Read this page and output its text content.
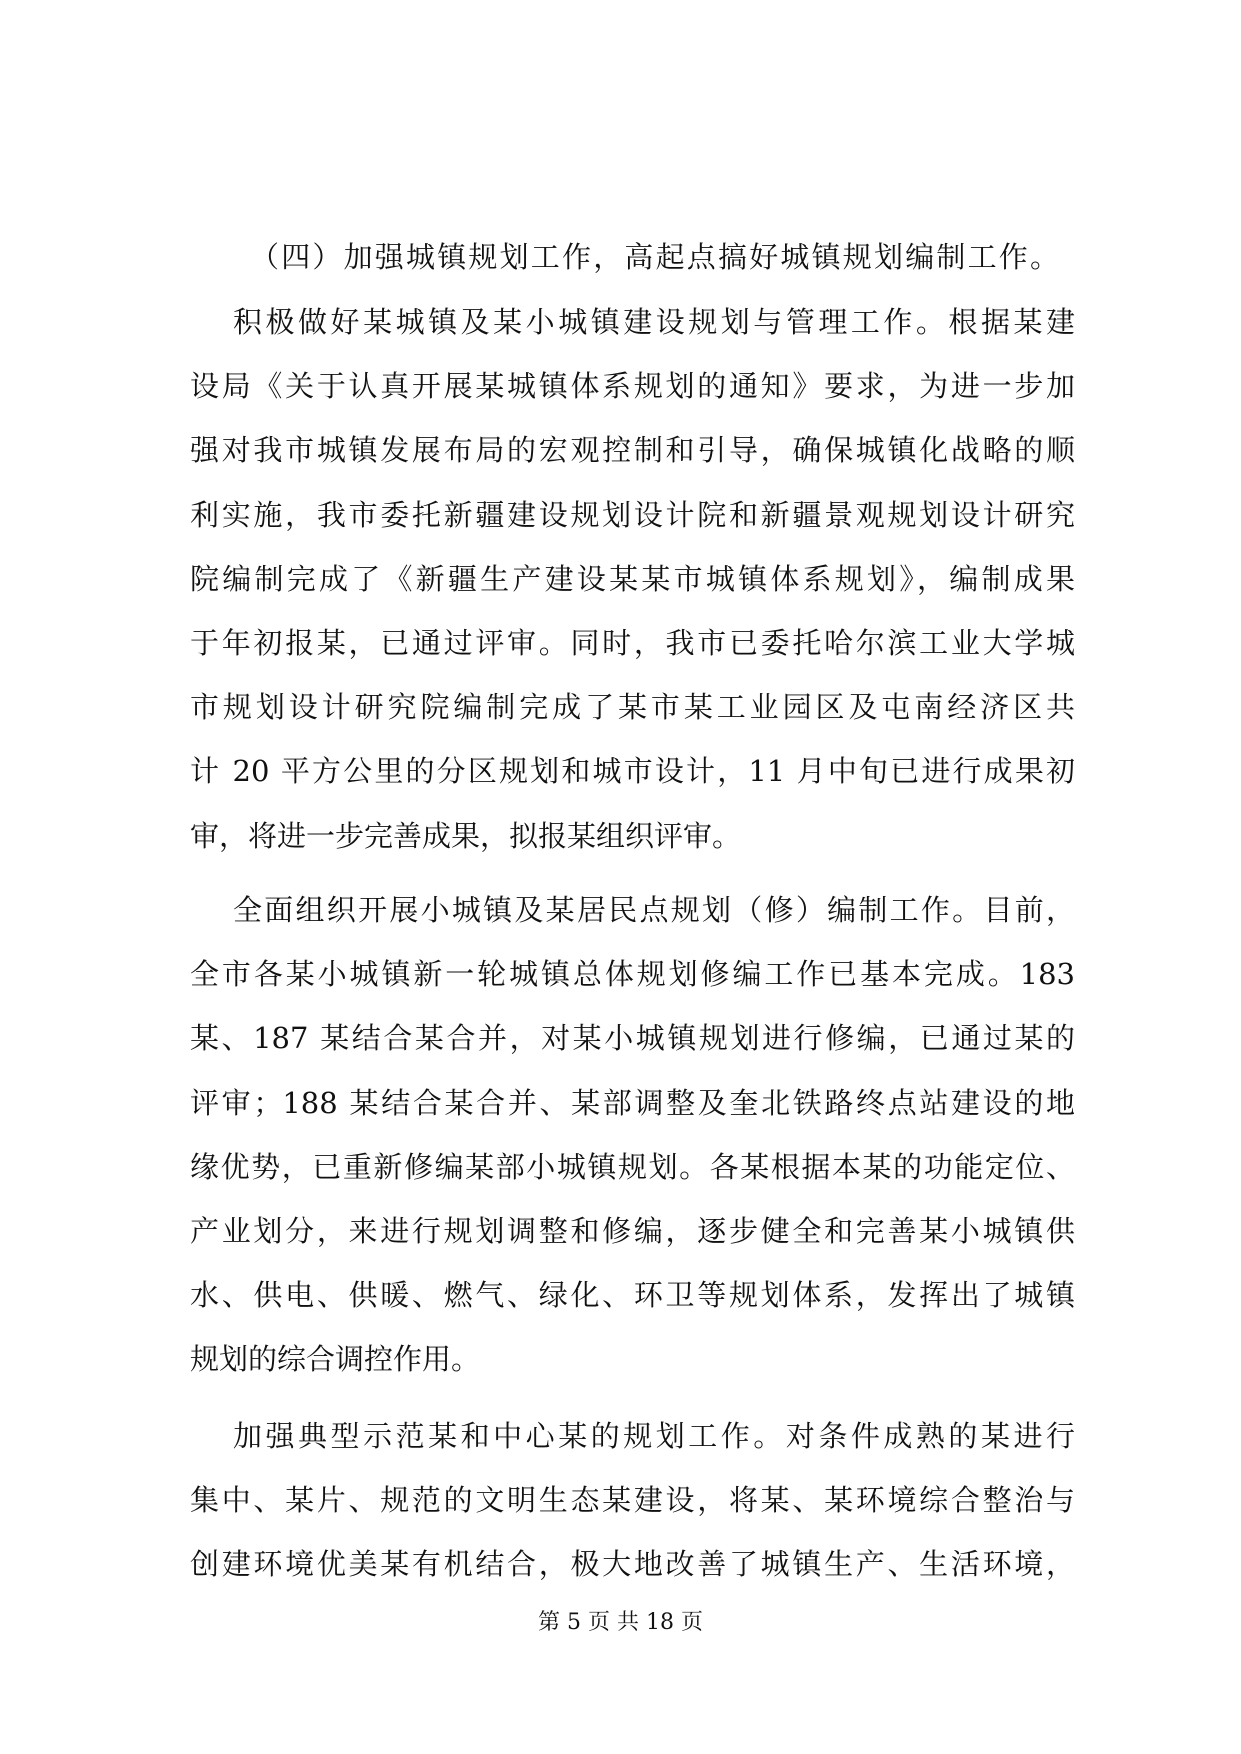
（四）加强城镇规划工作，高起点搞好城镇规划编制工作。
积极做好某城镇及某小城镇建设规划与管理工作。根据某建
设局《关于认真开展某城镇体系规划的通知》要求，为进一步加
强对我市城镇发展布局的宏观控制和引导，确保城镇化战略的顺
利实施，我市委托新疆建设规划设计院和新疆景观规划设计研究
院编制完成了《新疆生产建设某某市城镇体系规划》，编制成果
于年初报某，已通过评审。同时，我市已委托哈尔滨工业大学城
市规划设计研究院编制完成了某市某工业园区及屯南经济区共
计 20 平方公里的分区规划和城市设计，11 月中旬已进行成果初
审，将进一步完善成果，拟报某组织评审。
全面组织开展小城镇及某居民点规划（修）编制工作。目前，
全市各某小城镇新一轮城镇总体规划修编工作已基本完成。183
某、187 某结合某合并，对某小城镇规划进行修编，已通过某的
评审；188 某结合某合并、某部调整及奎北铁路终点站建设的地
缘优势，已重新修编某部小城镇规划。各某根据本某的功能定位、
产业划分，来进行规划调整和修编，逐步健全和完善某小城镇供
水、供电、供暖、燃气、绿化、环卫等规划体系，发挥出了城镇
规划的综合调控作用。
加强典型示范某和中心某的规划工作。对条件成熟的某进行
集中、某片、规范的文明生态某建设，将某、某环境综合整治与
创建环境优美某有机结合，极大地改善了城镇生产、生活环境，
第 5 页 共 18 页
